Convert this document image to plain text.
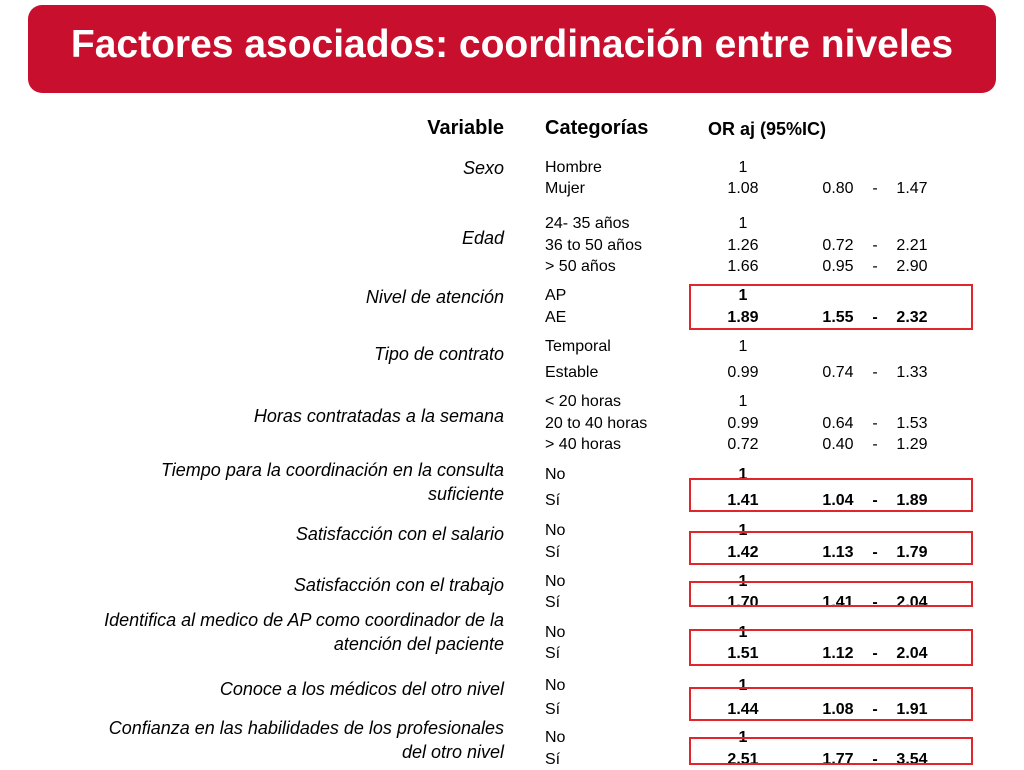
Factores asociados: coordinación entre niveles
Variable Categorías	OR aj (95%IC)
Sexo	Hombre	1
Mujer	1.08	0.80	-	1.47
Edad
24- 35 años	1
36 to 50 años	1.26	0.72	-	2.21
> 50 años	1.66	0.95	-	2.90
Nivel de atención	AP	1
AE	1.89	1.55	-	2.32
Tipo de contrato	Temporal	1
Estable	0.99	0.74	-	1.33
Horas contratadas a la semana
< 20 horas	1
20 to 40 horas	0.99	0.64	-	1.53
> 40 horas	0.72	0.40	-	1.29
Tiempo para la coordinación en la consulta
suficiente
No	1
Sí	1.41	1.04	-	1.89
Satisfacción con el salario	No	1
Sí	1.42	1.13	-	1.79
Satisfacción con el trabajo	No	1
Sí	1.70	1.41	-	2.04
Identifica al medico de AP como coordinador de la
atención del paciente
No	1
Sí	1.51	1.12	-	2.04
Conoce a los médicos del otro nivel	No	1
Sí	1.44	1.08	-	1.91
Confianza en las habilidades de los profesionales
del otro nivel
No	1
Sí	2.51	1.77	-	3.54
